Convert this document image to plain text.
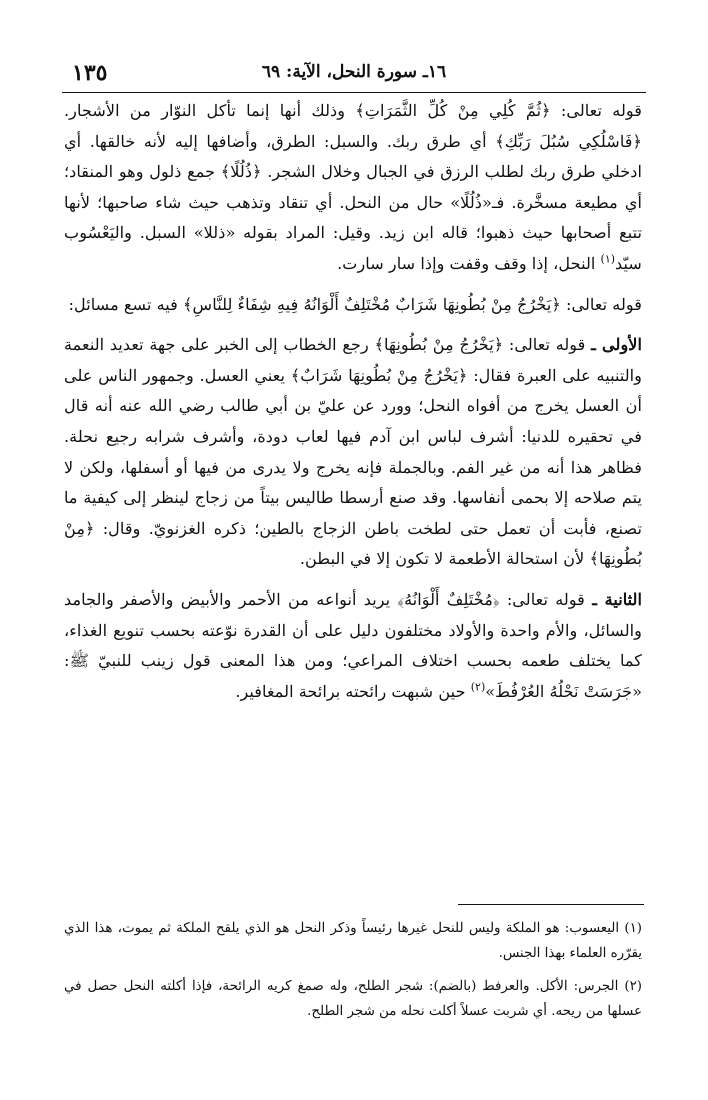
١٣٥	١٦ـ سورة النحل، الآية: ٦٩

قوله تعالى: ﴿ثُمَّ كُلِي مِنْ كُلِّ الثَّمَرَاتِ﴾ وذلك أنها إنما تأكل النوّار من الأشجار. ﴿فَاسْلُكِي سُبُلَ رَبِّكِ﴾ أي طرق ربك. والسبل: الطرق، وأضافها إليه لأنه خالقها. أي ادخلي طرق ربك لطلب الرزق في الجبال وخلال الشجر. ﴿ذُلُلًا﴾ جمع ذلول وهو المنقاد؛ أي مطيعة مسخَّرة. فـ«ذُلُلًا» حال من النحل. أي تنقاد وتذهب حيث شاء صاحبها؛ لأنها تتبع أصحابها حيث ذهبوا؛ قاله ابن زيد. وقيل: المراد بقوله «ذللا» السبل. واليَعْسُوب سيّد$^{(١)}$ النحل، إذا وقف وقفت وإذا سار سارت.

قوله تعالى: ﴿يَخْرُجُ مِنْ بُطُونِهَا شَرَابٌ مُخْتَلِفٌ أَلْوَانُهُ فِيهِ شِفَاءٌ لِلنَّاسِ﴾ فيه تسع مسائل:

الأولى ـ قوله تعالى: ﴿يَخْرُجُ مِنْ بُطُونِهَا﴾ رجع الخطاب إلى الخبر على جهة تعديد النعمة والتنبيه على العبرة فقال: ﴿يَخْرُجُ مِنْ بُطُونِهَا شَرَابٌ﴾ يعني العسل. وجمهور الناس على أن العسل يخرج من أفواه النحل؛ وورد عن عليّ بن أبي طالب رضي الله عنه أنه قال في تحقيره للدنيا: أشرف لباس ابن آدم فيها لعاب دودة، وأشرف شرابه رجيع نحلة. فظاهر هذا أنه من غير الفم. وبالجملة فإنه يخرج ولا يدرى من فيها أو أسفلها، ولكن لا يتم صلاحه إلا بحمى أنفاسها. وقد صنع أرسطا طاليس بيتاً من زجاج لينظر إلى كيفية ما تصنع، فأبت أن تعمل حتى لطخت باطن الزجاج بالطين؛ ذكره الغزنويّ. وقال: ﴿مِنْ بُطُونِهَا﴾ لأن استحالة الأطعمة لا تكون إلا في البطن.

الثانية ـ قوله تعالى: ﴿مُخْتَلِفٌ أَلْوَانُهُ﴾ يريد أنواعه من الأحمر والأبيض والأصفر والجامد والسائل، والأم واحدة والأولاد مختلفون دليل على أن القدرة نوّعته بحسب تنويع الغذاء، كما يختلف طعمه بحسب اختلاف المراعي؛ ومن هذا المعنى قول زينب للنبيّ ﷺ: «جَرَسَتْ نَحْلُهُ العُرْفُطَ»$^{(٢)}$ حين شبهت رائحته برائحة المغافير.

(١) اليعسوب: هو الملكة وليس للنحل غيرها رئيساً وذكر النحل هو الذي يلقح الملكة ثم يموت، هذا الذي يقرّره العلماء بهذا الجنس.

(٢) الجرس: الأكل. والعرفط (بالضم): شجر الطلح، وله صمغ كريه الرائحة، فإذا أكلته النحل حصل في عسلها من ريحه. أي شربت عسلاً أكلت نحله من شجر الطلح.
